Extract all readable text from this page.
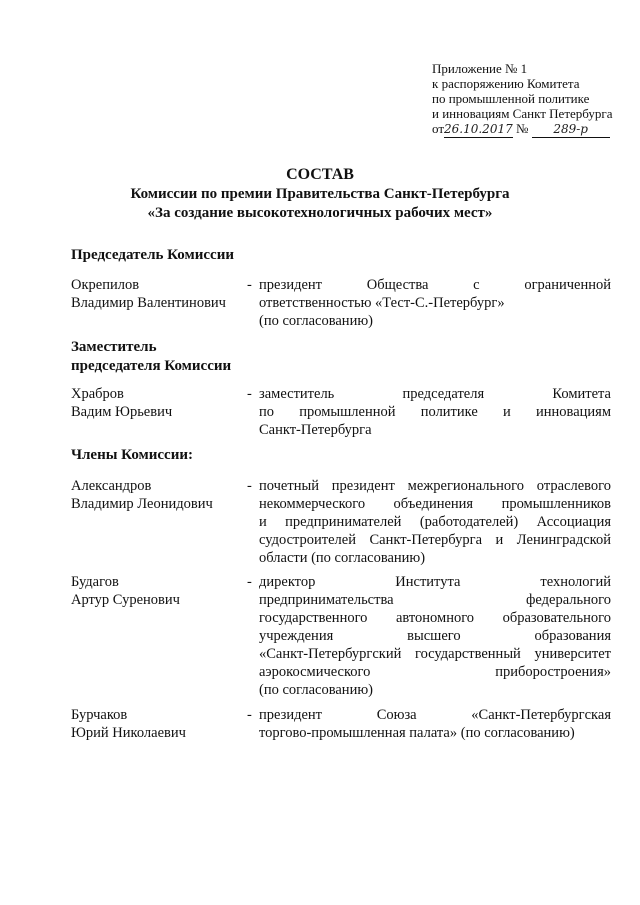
Приложение № 1
к распоряжению Комитета
по промышленной политике
и инновациям Санкт Петербурга
от26.10.2017 № 289-р
СОСТАВ
Комиссии по премии Правительства Санкт-Петербурга
«За создание высокотехнологичных рабочих мест»
Председатель Комиссии
Окрепилов
Владимир Валентинович
- президент Общества с ограниченной
ответственностью «Тест-С.-Петербург»
(по согласованию)
Заместитель
председателя Комиссии
Храбров
Вадим Юрьевич
- заместитель председателя Комитета
по промышленной политике и инновациям
Санкт-Петербурга
Члены Комиссии:
Александров
Владимир Леонидович
- почетный президент межрегионального отраслевого
некоммерческого объединения промышленников
и предпринимателей (работодателей) Ассоциация
судостроителей Санкт-Петербурга и Ленинградской
области (по согласованию)
Будагов
Артур Суренович
- директор Института технологий
предпринимательства федерального
государственного автономного образовательного
учреждения высшего образования
«Санкт-Петербургский государственный университет
аэрокосмического приборостроения»
(по согласованию)
Бурчаков
Юрий Николаевич
- президент Союза «Санкт-Петербургская
торгово-промышленная палата» (по согласованию)
